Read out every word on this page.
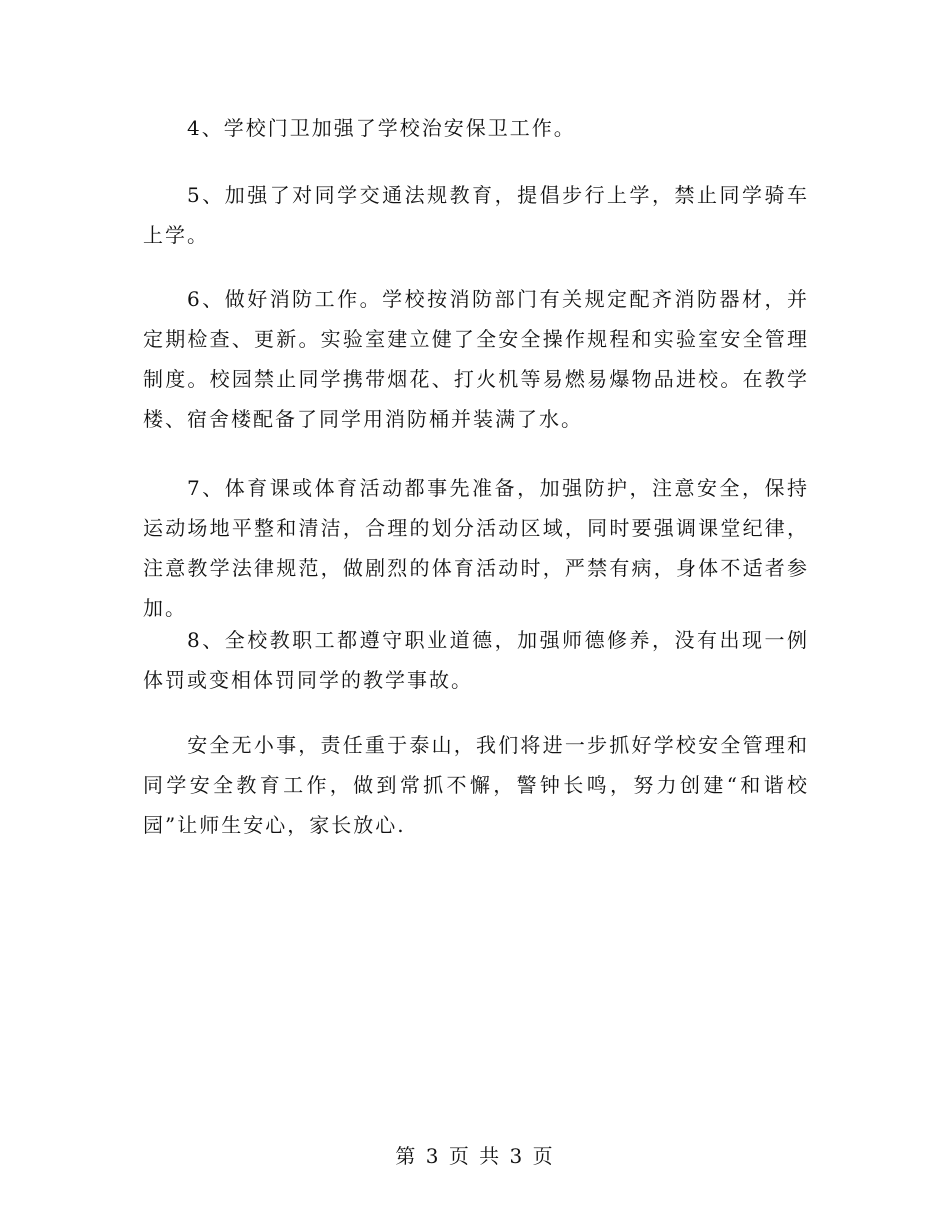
4、学校门卫加强了学校治安保卫工作。

5、加强了对同学交通法规教育，提倡步行上学，禁止同学骑车上学。

6、做好消防工作。学校按消防部门有关规定配齐消防器材，并定期检查、更新。实验室建立健了全安全操作规程和实验室安全管理制度。校园禁止同学携带烟花、打火机等易燃易爆物品进校。在教学楼、宿舍楼配备了同学用消防桶并装满了水。

7、体育课或体育活动都事先准备，加强防护，注意安全，保持运动场地平整和清洁，合理的划分活动区域，同时要强调课堂纪律，注意教学法律规范，做剧烈的体育活动时，严禁有病，身体不适者参加。

8、全校教职工都遵守职业道德，加强师德修养，没有出现一例体罚或变相体罚同学的教学事故。

安全无小事，责任重于泰山，我们将进一步抓好学校安全管理和同学安全教育工作，做到常抓不懈，警钟长鸣，努力创建“和谐校园”让师生安心，家长放心.

第 3 页 共 3 页
